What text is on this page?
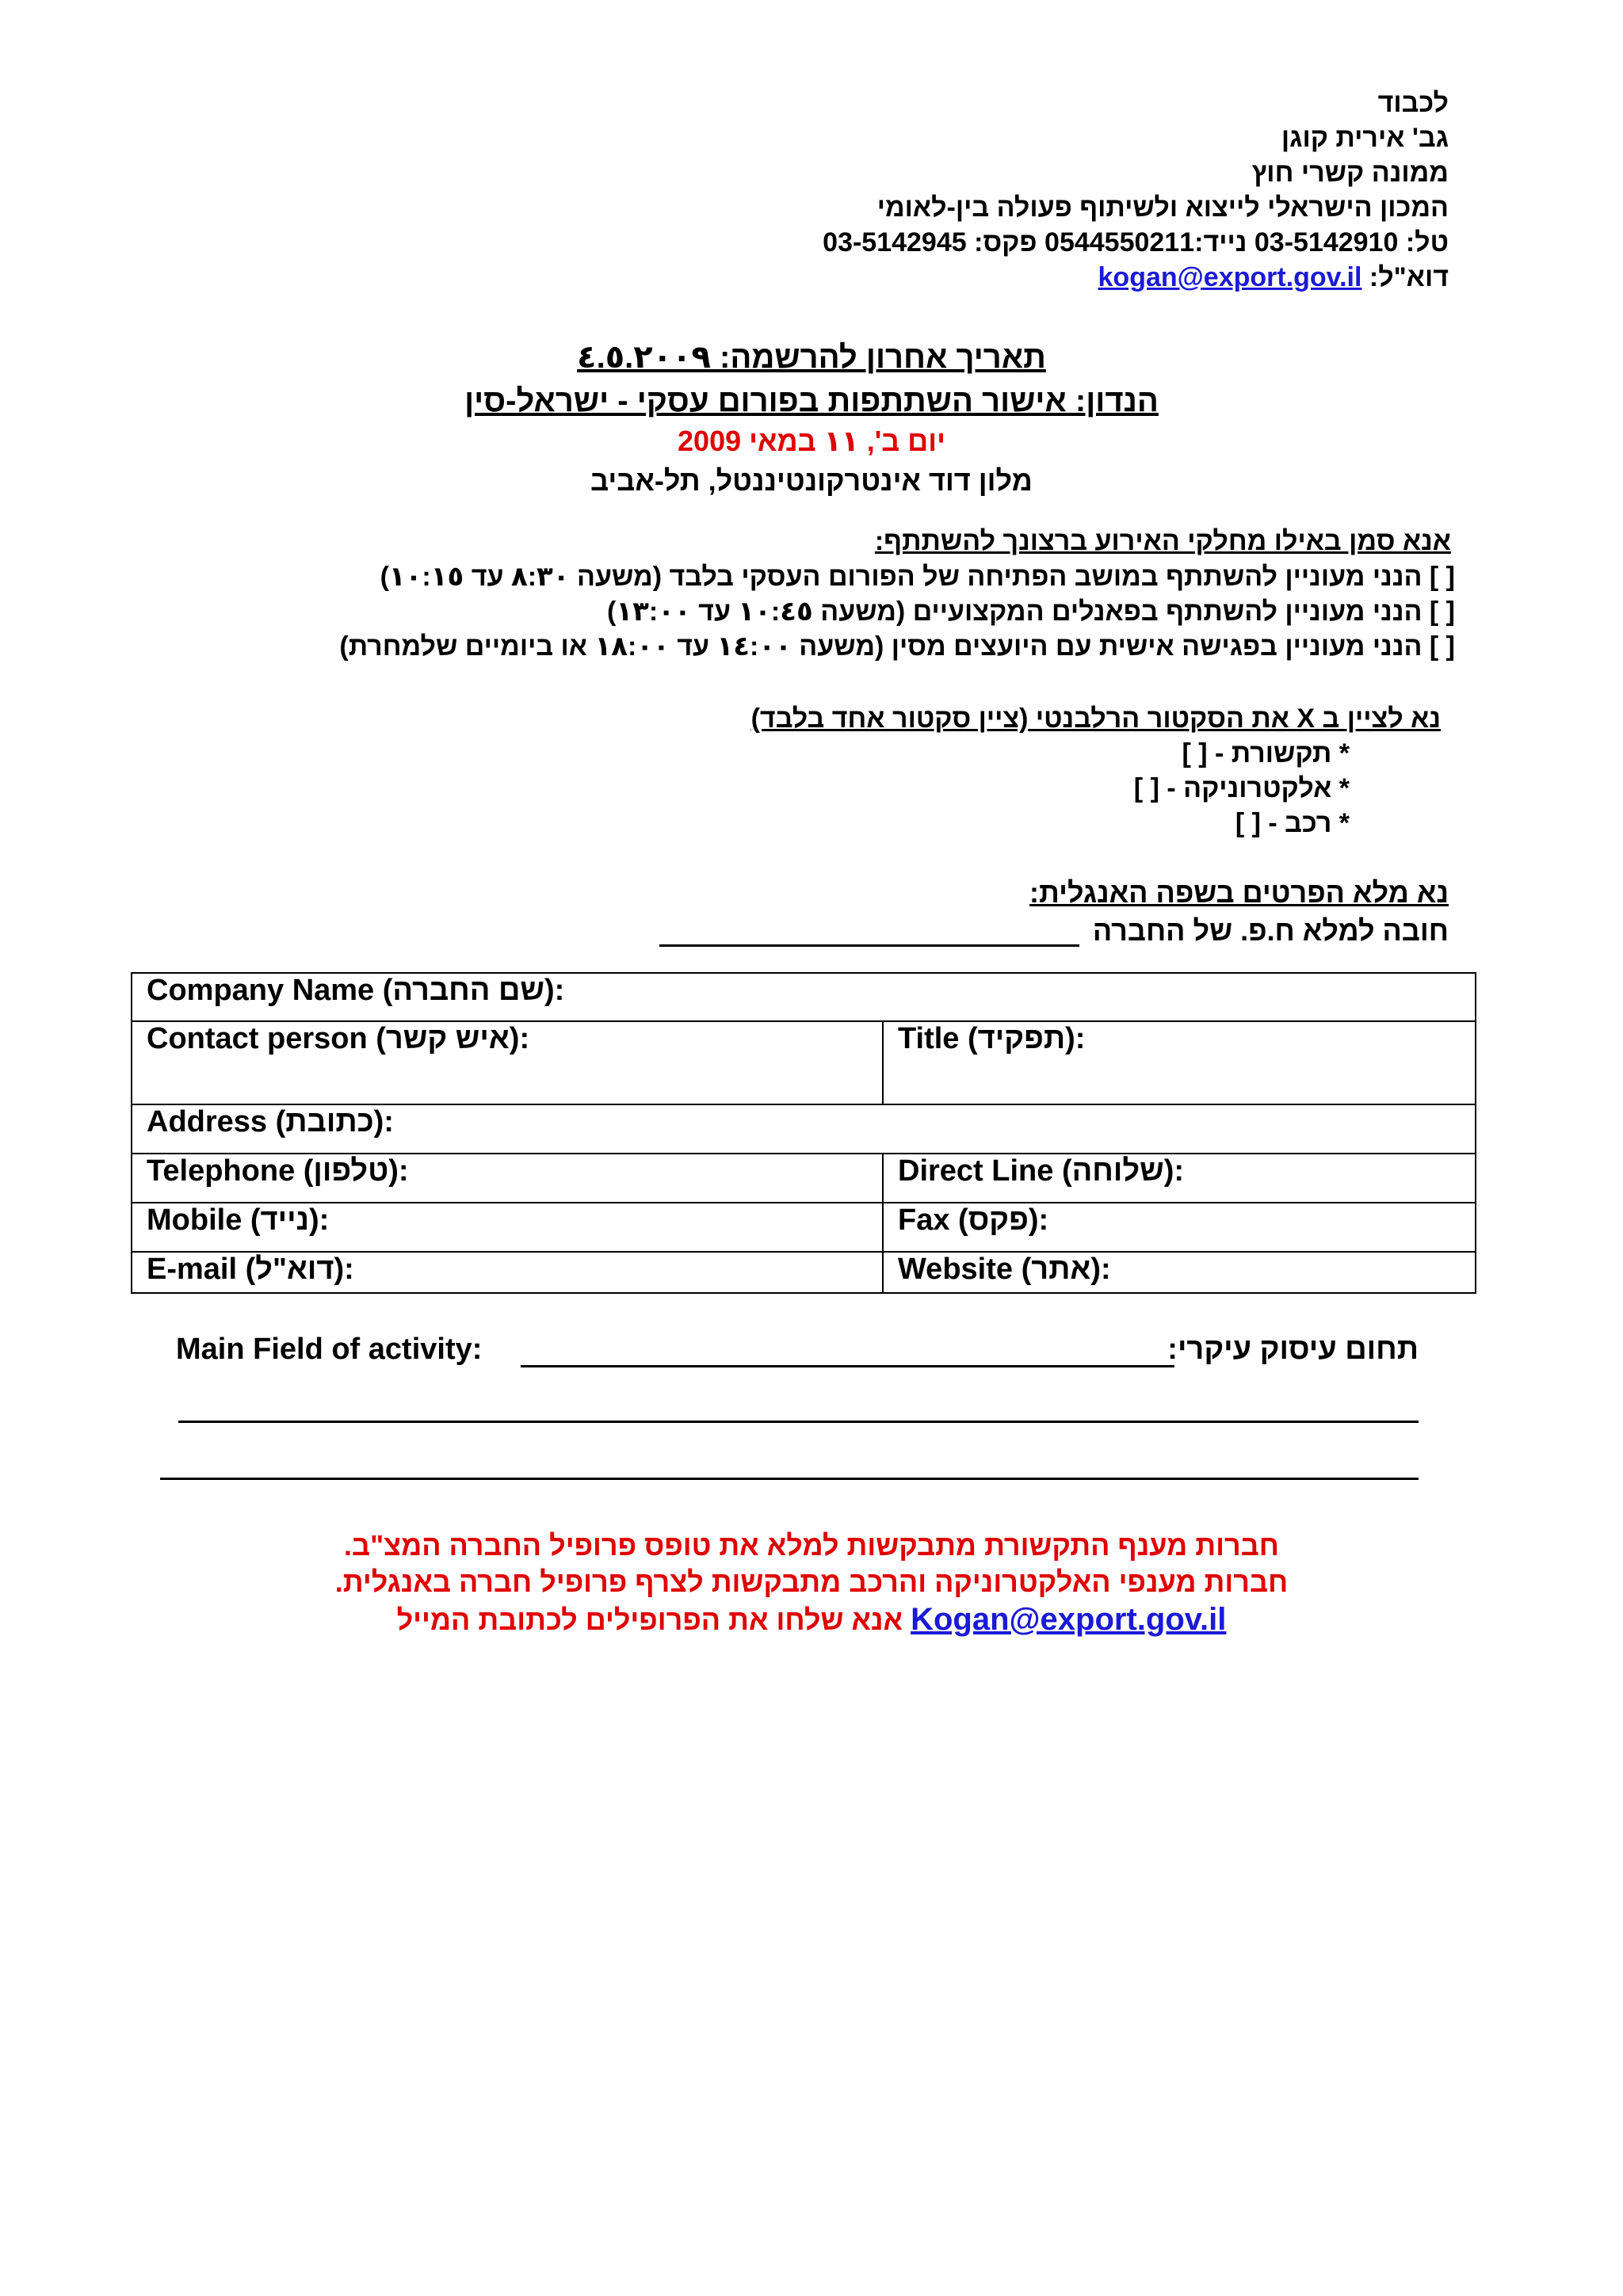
לכבוד
גב' אירית קוגן
ממונה קשרי חוץ
המכון הישראלי לייצוא ולשיתוף פעולה בין-לאומי
טל: 03-5142910 נייד:0544550211 פקס: 03-5142945
דוא"ל: kogan@export.gov.il
תאריך אחרון להרשמה: ٤.٥.٢٠٠٩
הנדון: אישור השתתפות בפורום עסקי - ישראל-סין
יום ב', ١١ במאי 2009
מלון דוד אינטרקונטיננטל, תל-אביב
אנא סמן באילו מחלקי האירוע ברצונך להשתתף:
[ ] הנני מעוניין להשתתף במושב הפתיחה של הפורום העסקי בלבד (משעה ٨:٣٠ עד ١٠:١٥)
[ ] הנני מעוניין להשתתף בפאנלים המקצועיים (משעה ١٠:٤٥ עד ١٣:٠٠)
[ ] הנני מעוניין בפגישה אישית עם היועצים מסין (משעה ١٤:٠٠ עד ١٨:٠٠ או ביומיים שלמחרת)
נא לציין ב X את הסקטור הרלבנטי (ציין סקטור אחד בלבד)
* תקשורת - [ ]
* אלקטרוניקה - [ ]
* רכב - [ ]
נא מלא הפרטים בשפה האנגלית:
חובה למלא ח.פ. של החברה
Company Name (שם החברה):	
Contact person (איש קשר):	Title (תפקיד):
Address (כתובת):	
Telephone (טלפון):	Direct Line (שלוחה):
Mobile (נייד):	Fax (פקס):
E-mail (דוא"ל):	Website (אתר):
Main Field of activity:	תחום עיסוק עיקרי:
חברות מענף התקשורת מתבקשות למלא את טופס פרופיל החברה המצ"ב.
חברות מענפי האלקטרוניקה והרכב מתבקשות לצרף פרופיל חברה באנגלית.
אנא שלחו את הפרופילים לכתובת המייל Kogan@export.gov.il
